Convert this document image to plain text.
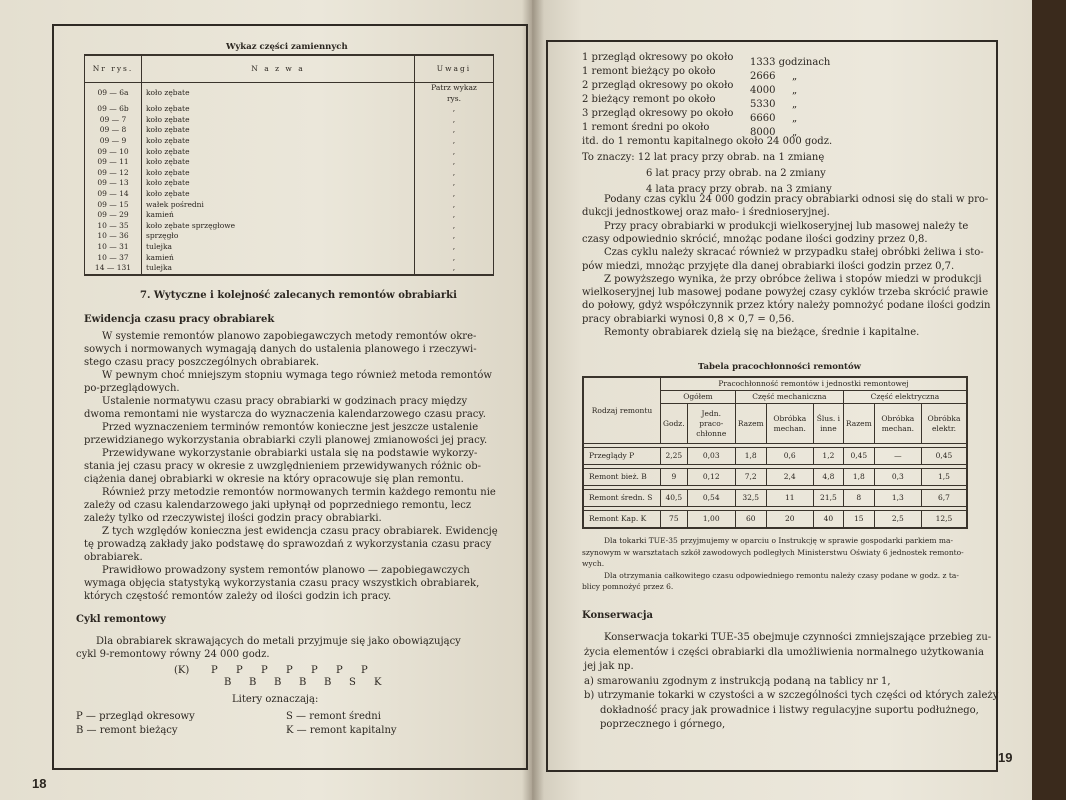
Wykaz części zamiennych
Nr rys.	N a z w a	Uwagi
09 — 6a	koło zębate	Patrz wykaz
rys.

09 — 6b	koło zębate	,
09 — 7	koło zębate	,
09 — 8	koło zębate	,
09 — 9	koło zębate	,
09 — 10	koło zębate	,
09 — 11	koło zębate	,
09 — 12	koło zębate	,
09 — 13	koło zębate	,
09 — 14	koło zębate	,
09 — 15	wałek pośredni	,
09 — 29	kamień	,
10 — 35	koło zębate sprzęgłowe	,
10 — 36	sprzęgło	,
10 — 31	tulejka	,
10 — 37	kamień	,
14 — 131	tulejka	,
7. Wytyczne i kolejność zalecanych remontów obrabiarki
Ewidencja czasu pracy obrabiarek
W systemie remontów planowo zapobiegawczych metody remontów okre-
sowych i normowanych wymagają danych do ustalenia planowego i rzeczywi-
stego czasu pracy poszczególnych obrabiarek.
W pewnym choć mniejszym stopniu wymaga tego również metoda remontów
po-przeglądowych.
Ustalenie normatywu czasu pracy obrabiarki w godzinach pracy między
dwoma remontami nie wystarcza do wyznaczenia kalendarzowego czasu pracy.
Przed wyznaczeniem terminów remontów konieczne jest jeszcze ustalenie
przewidzianego wykorzystania obrabiarki czyli planowej zmianowości jej pracy.
Przewidywane wykorzystanie obrabiarki ustala się na podstawie wykorzy-
stania jej czasu pracy w okresie z uwzględnieniem przewidywanych różnic ob-
ciążenia danej obrabiarki w okresie na który opracowuje się plan remontu.
Również przy metodzie remontów normowanych termin każdego remontu nie
zależy od czasu kalendarzowego jaki upłynął od poprzedniego remontu, lecz
zależy tylko od rzeczywistej ilości godzin pracy obrabiarki.
Z tych względów konieczna jest ewidencja czasu pracy obrabiarek. Ewidencję
tę prowadzą zakłady jako podstawę do sprawozdań z wykorzystania czasu pracy
obrabiarek.
Prawidłowo prowadzony system remontów planowo — zapobiegawczych
wymaga objęcia statystyką wykorzystania czasu pracy wszystkich obrabiarek,
których częstość remontów zależy od ilości godzin ich pracy.
Cykl remontowy
Dla obrabiarek skrawających do metali przyjmuje się jako obowiązujący
cykl 9-remontowy równy 24 000 godz.
(K) P P P P P P P
B B B B B S K
Litery oznaczają:
P — przegląd okresowy	S — remont średni
B — remont bieżący	K — remont kapitalny
18
1 przegląd okresowy po około 1333 godzinach
1 remont bieżący po około	2666 „
2 przegląd okresowy po około 4000 „
2 bieżący remont po około	5330 „
3 przegląd okresowy po około 6660 „
1 remont średni po około	8000 „
itd. do 1 remontu kapitalnego około 24 000 godz.
To znaczy: 12 lat pracy przy obrab. na 1 zmianę
6 lat pracy przy obrab. na 2 zmiany
4 lata pracy przy obrab. na 3 zmiany
Podany czas cyklu 24 000 godzin pracy obrabiarki odnosi się do stali w pro-
dukcji jednostkowej oraz mało- i średnioseryjnej.
Przy pracy obrabiarki w produkcji wielkoseryjnej lub masowej należy te
czasy odpowiednio skrócić, mnożąc podane ilości godziny przez 0,8.
Czas cyklu należy skracać również w przypadku stałej obróbki żeliwa i sto-
pów miedzi, mnożąc przyjęte dla danej obrabiarki ilości godzin przez 0,7.
Z powyższego wynika, że przy obróbce żeliwa i stopów miedzi w produkcji
wielkoseryjnej lub masowej podane powyżej czasy cyklów trzeba skrócić prawie
do połowy, gdyż współczynnik przez który należy pomnożyć podane ilości godzin
pracy obrabiarki wynosi 0,8 × 0,7 = 0,56.
Remonty obrabiarek dzielą się na bieżące, średnie i kapitalne.
Tabela pracochłonności remontów
Rodzaj remontu	Pracochłonność remontów i jednostki remontowej							
	Ogółem		Część mechaniczna			Część elektryczna		
	Godz.	Jedn. praco- chłonne	Razem	Obróbka mechan.	Ślus. i inne	Razem	Obróbka mechan.	Obróbka elektr.

Przeglądy P	2,25	0,03	1,8	0,6	1,2	0,45	—	0,45

Remont bież. B	9	0,12	7,2	2,4	4,8	1,8	0,3	1,5

Remont średn. S	40,5	0,54	32,5	11	21,5	8	1,3	6,7

Remont Kap. K	75	1,00	60	20	40	15	2,5	12,5
Dla tokarki TUE-35 przyjmujemy w oparciu o Instrukcję w sprawie gospodarki parkiem ma-
szynowym w warsztatach szkół zawodowych podległych Ministerstwu Oświaty 6 jednostek remonto-
wych.
Dla otrzymania całkowitego czasu odpowiedniego remontu należy czasy podane w godz. z ta-
blicy pomnożyć przez 6.
Konserwacja
Konserwacja tokarki TUE-35 obejmuje czynności zmniejszające przebieg zu-
życia elementów i części obrabiarki dla umożliwienia normalnego użytkowania
jej jak np.
a) smarowaniu zgodnym z instrukcją podaną na tablicy nr 1,
b) utrzymanie tokarki w czystości a w szczególności tych części od których zależy
dokładność pracy jak prowadnice i listwy regulacyjne suportu podłużnego,
poprzecznego i górnego,
19
